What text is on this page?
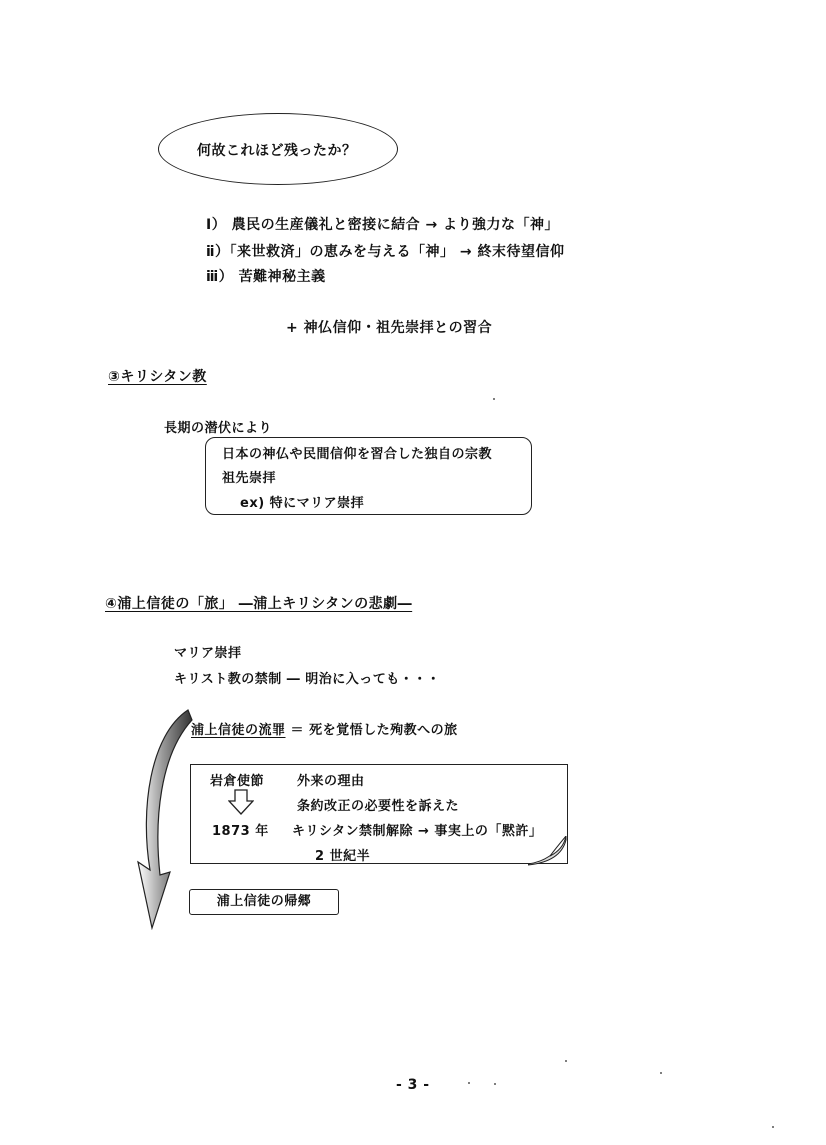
何故これほど残ったか？
Ⅰ） 農民の生産儀礼と密接に結合 → より強力な「神」
ⅱ）「来世救済」の恵みを与える「神」 → 終末待望信仰
ⅲ） 苦難神秘主義
+ 神仏信仰・祖先崇拝との習合
③キリシタン教
長期の潜伏により
日本の神仏や民間信仰を習合した独自の宗教
祖先崇拝
ex) 特にマリア崇拝
④浦上信徒の「旅」 ―浦上キリシタンの悲劇―
マリア崇拝
キリスト教の禁制 ― 明治に入っても・・・
浦上信徒の流罪 ＝ 死を覚悟した殉教への旅
岩倉使節	外来の理由
条約改正の必要性を訴えた
1873 年 キリシタン禁制解除 → 事実上の「黙許」
2 世紀半
浦上信徒の帰郷
- 3 -
